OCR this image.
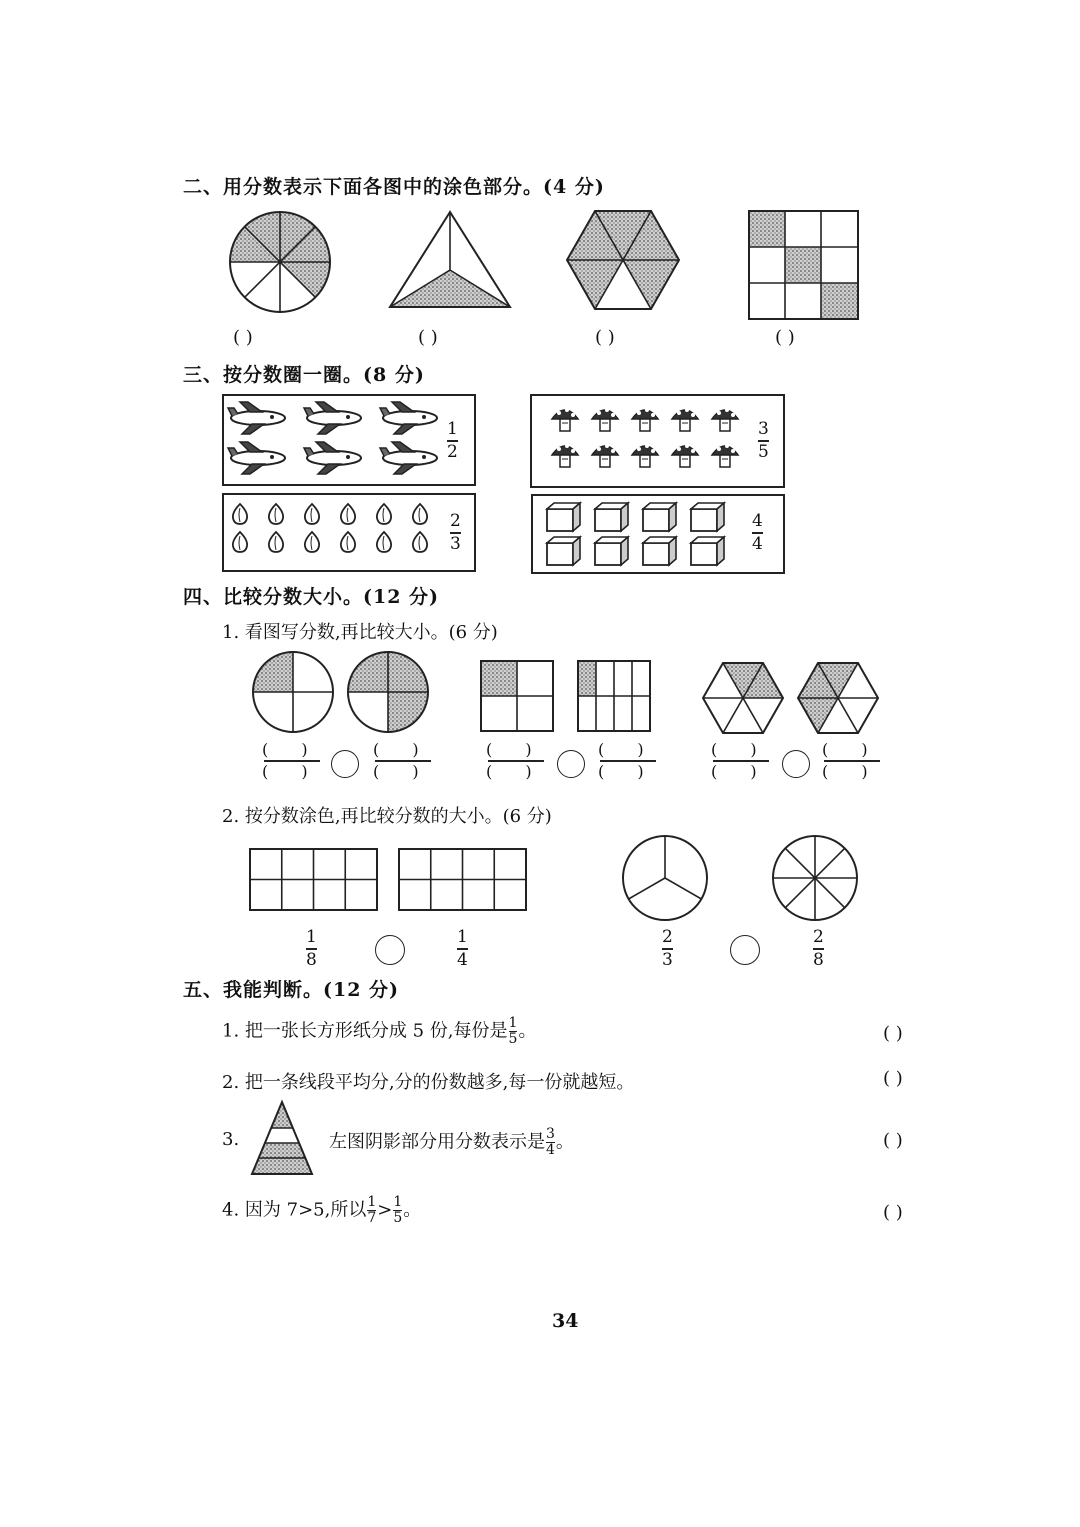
二、用分数表示下面各图中的涂色部分。(4 分)
( )	( )	( )	( )
三、按分数圈一圈。(8 分)
1
2
3
5
2
3
4
4
四、比较分数大小。(12 分)
1. 看图写分数,再比较大小。(6 分)
( )
( )
( )
( )
( )
( )
( )
( )
( )
( )
( )
( )
2. 按分数涂色,再比较分数的大小。(6 分)
1
8
1
4
2
3
2
8
五、我能判断。(12 分)
1. 把一张长方形纸分成 5 份,每份是 $\frac{1}{5}$ 。	( )
2. 把一条线段平均分,分的份数越多,每一份就越短。	( )
3.	左图阴影部分用分数表示是 $\frac{3}{4}$ 。	( )
4. 因为 7>5,所以 $\frac{1}{7} > \frac{1}{5}$ 。	( )
34
